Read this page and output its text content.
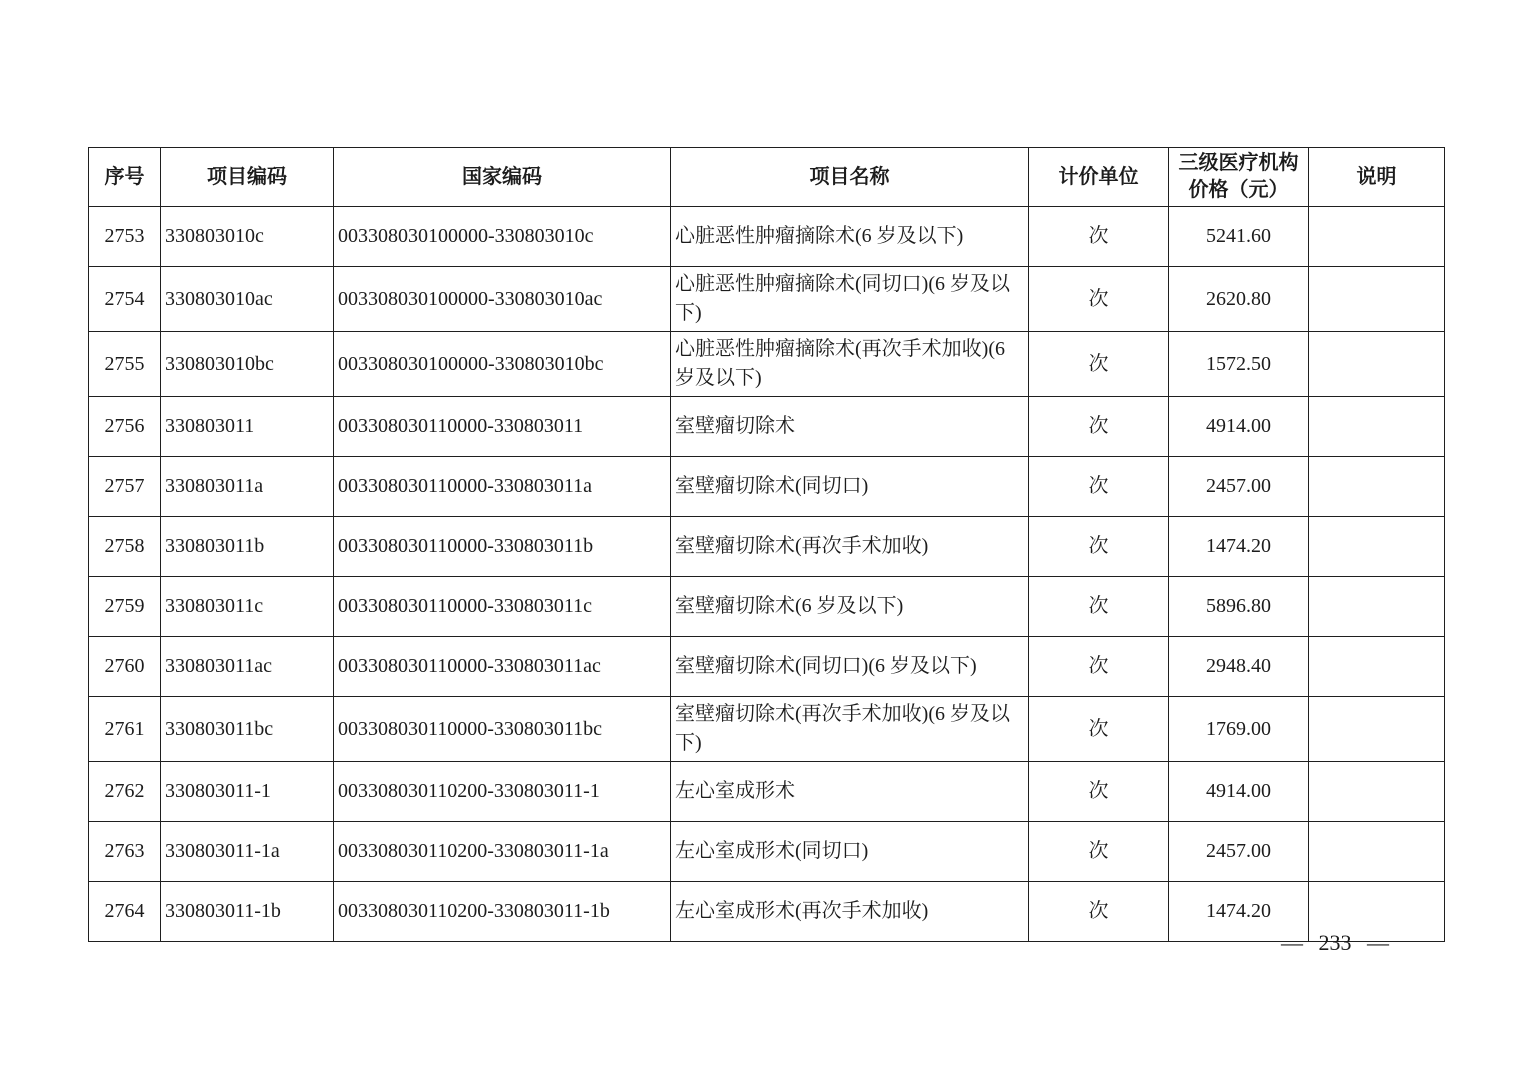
序号	项目编码	国家编码	项目名称	计价单位	三级医疗机构价格（元）	说明
2753	330803010c	003308030100000-330803010c	心脏恶性肿瘤摘除术(6 岁及以下)	次	5241.60	
2754	330803010ac	003308030100000-330803010ac	心脏恶性肿瘤摘除术(同切口)(6 岁及以下)	次	2620.80	
2755	330803010bc	003308030100000-330803010bc	心脏恶性肿瘤摘除术(再次手术加收)(6 岁及以下)	次	1572.50	
2756	330803011	003308030110000-330803011	室壁瘤切除术	次	4914.00	
2757	330803011a	003308030110000-330803011a	室壁瘤切除术(同切口)	次	2457.00	
2758	330803011b	003308030110000-330803011b	室壁瘤切除术(再次手术加收)	次	1474.20	
2759	330803011c	003308030110000-330803011c	室壁瘤切除术(6 岁及以下)	次	5896.80	
2760	330803011ac	003308030110000-330803011ac	室壁瘤切除术(同切口)(6 岁及以下)	次	2948.40	
2761	330803011bc	003308030110000-330803011bc	室壁瘤切除术(再次手术加收)(6 岁及以下)	次	1769.00	
2762	330803011-1	003308030110200-330803011-1	左心室成形术	次	4914.00	
2763	330803011-1a	003308030110200-330803011-1a	左心室成形术(同切口)	次	2457.00	
2764	330803011-1b	003308030110200-330803011-1b	左心室成形术(再次手术加收)	次	1474.20	
— 233 —
